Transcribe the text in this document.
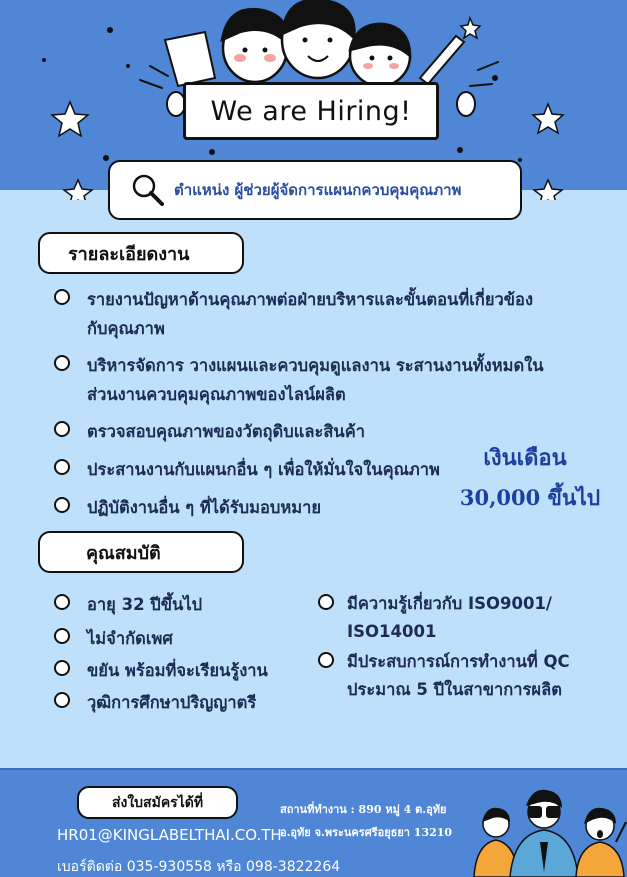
We are Hiring!
ตำแหน่ง ผู้ช่วยผู้จัดการแผนกควบคุมคุณภาพ
รายละเอียดงาน
รายงานปัญหาด้านคุณภาพต่อฝ่ายบริหารและขั้นตอนที่เกี่ยวข้อง
กับคุณภาพ
บริหารจัดการ วางแผนและควบคุมดูแลงาน ระสานงานทั้งหมดใน
ส่วนงานควบคุมคุณภาพของไลน์ผลิต
ตรวจสอบคุณภาพของวัตถุดิบและสินค้า
ประสานงานกับแผนกอื่น ๆ เพื่อให้มั่นใจในคุณภาพ
ปฏิบัติงานอื่น ๆ ที่ได้รับมอบหมาย
เงินเดือน
30,000 ขึ้นไป
คุณสมบัติ
อายุ 32 ปีขึ้นไป
ไม่จำกัดเพศ
ขยัน พร้อมที่จะเรียนรู้งาน
วุฒิการศึกษาปริญญาตรี
มีความรู้เกี่ยวกับ ISO9001/
ISO14001
มีประสบการณ์การทำงานที่ QC
ประมาณ 5 ปีในสาขาการผลิต
ส่งใบสมัครได้ที่
HR01@KINGLABELTHAI.CO.TH
เบอร์ติดต่อ 035-930558 หรือ 098-3822264
สถานที่ทำงาน : 890 หมู่ 4 ต.อุทัย
อ.อุทัย จ.พระนครศรีอยุธยา 13210
